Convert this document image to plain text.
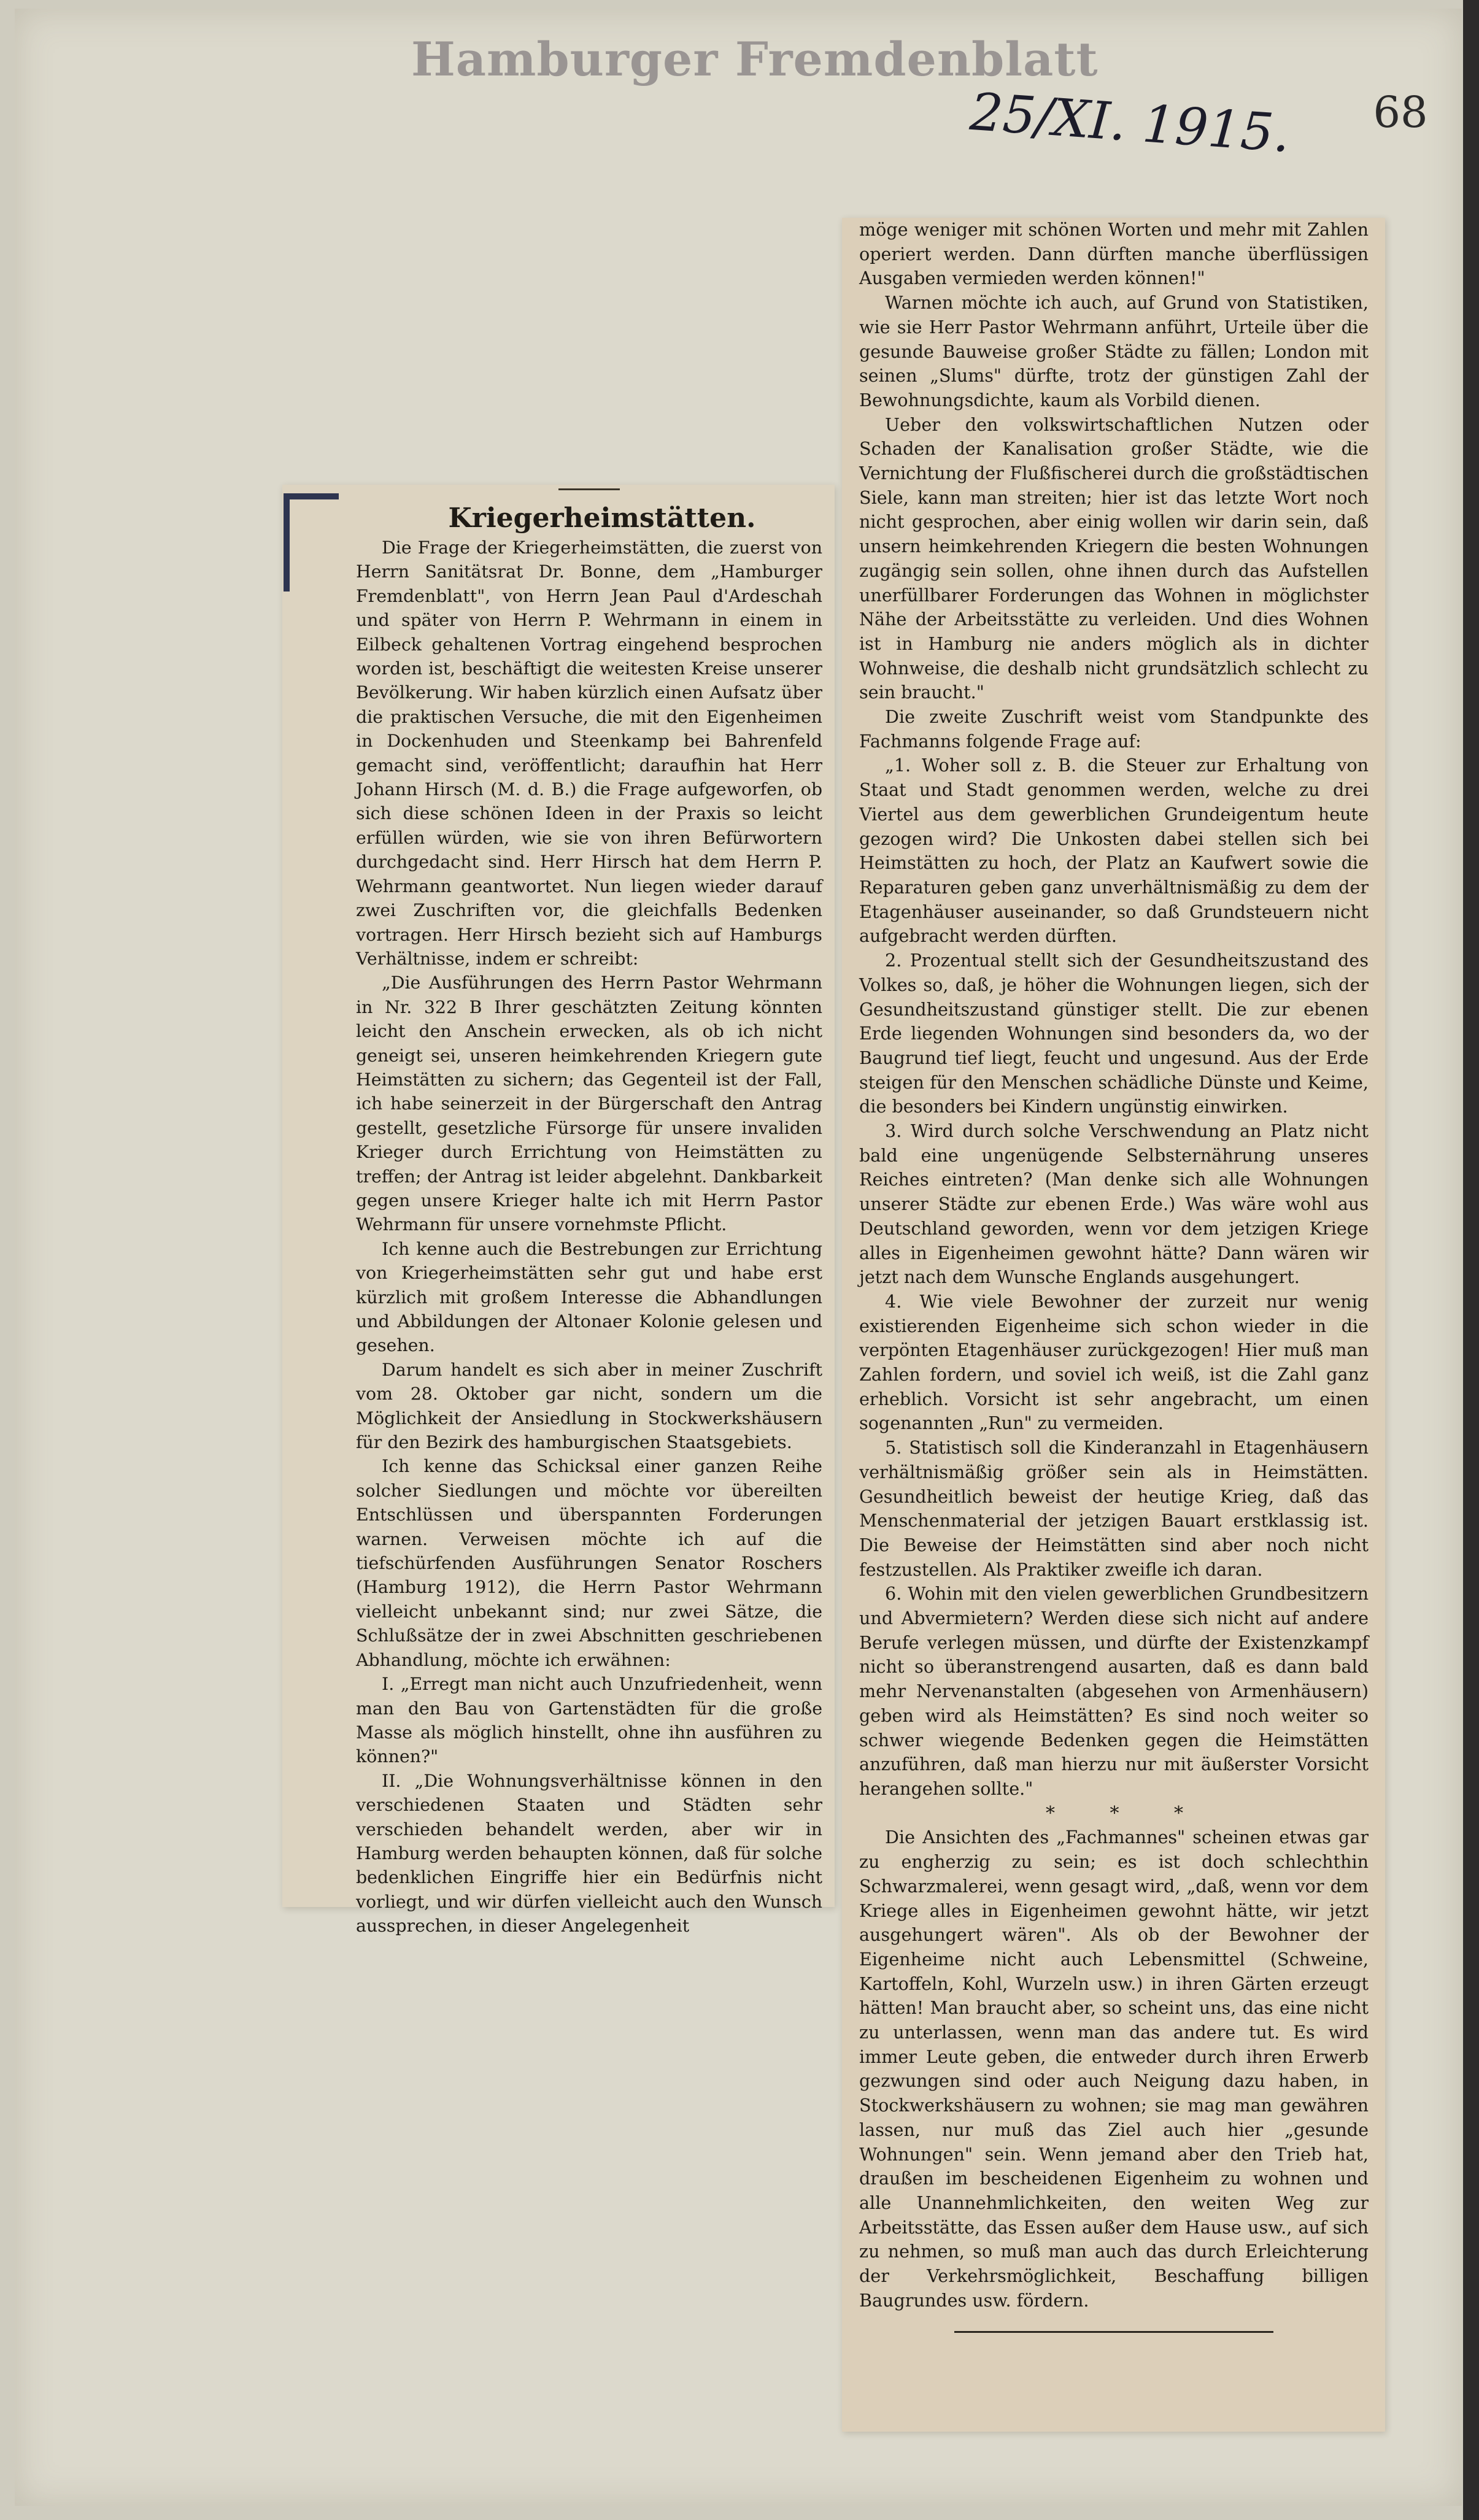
Hamburger Fremdenblatt
25/XI. 1915. 68

Kriegerheimstätten.

Die Frage der Kriegerheimstätten, die zuerst von Herrn Sanitätsrat Dr. Bonne, dem „Hamburger Fremdenblatt", von Herrn Jean Paul d'Ardeschah und später von Herrn P. Wehrmann in einem in Eilbeck gehaltenen Vortrag eingehend besprochen worden ist, beschäftigt die weitesten Kreise unserer Bevölkerung. Wir haben kürzlich einen Aufsatz über die praktischen Versuche, die mit den Eigenheimen in Dockenhuden und Steenkamp bei Bahrenfeld gemacht sind, veröffentlicht; daraufhin hat Herr Johann Hirsch (M. d. B.) die Frage aufgeworfen, ob sich diese schönen Ideen in der Praxis so leicht erfüllen würden, wie sie von ihren Befürwortern durchgedacht sind. Herr Hirsch hat dem Herrn P. Wehrmann geantwortet. Nun liegen wieder darauf zwei Zuschriften vor, die gleichfalls Bedenken vortragen. Herr Hirsch bezieht sich auf Hamburgs Verhältnisse, indem er schreibt:

„Die Ausführungen des Herrn Pastor Wehrmann in Nr. 322 B Ihrer geschätzten Zeitung könnten leicht den Anschein erwecken, als ob ich nicht geneigt sei, unseren heimkehrenden Kriegern gute Heimstätten zu sichern; das Gegenteil ist der Fall, ich habe seinerzeit in der Bürgerschaft den Antrag gestellt, gesetzliche Fürsorge für unsere invaliden Krieger durch Errichtung von Heimstätten zu treffen; der Antrag ist leider abgelehnt. Dankbarkeit gegen unsere Krieger halte ich mit Herrn Pastor Wehrmann für unsere vornehmste Pflicht.

Ich kenne auch die Bestrebungen zur Errichtung von Kriegerheimstätten sehr gut und habe erst kürzlich mit großem Interesse die Abhandlungen und Abbildungen der Altonaer Kolonie gelesen und gesehen.

Darum handelt es sich aber in meiner Zuschrift vom 28. Oktober gar nicht, sondern um die Möglichkeit der Ansiedlung in Stockwerkshäusern für den Bezirk des hamburgischen Staatsgebiets.

Ich kenne das Schicksal einer ganzen Reihe solcher Siedlungen und möchte vor übereilten Entschlüssen und überspannten Forderungen warnen. Verweisen möchte ich auf die tiefschürfenden Ausführungen Senator Roschers (Hamburg 1912), die Herrn Pastor Wehrmann vielleicht unbekannt sind; nur zwei Sätze, die Schlußsätze der in zwei Abschnitten geschriebenen Abhandlung, möchte ich erwähnen:

I. „Erregt man nicht auch Unzufriedenheit, wenn man den Bau von Gartenstädten für die große Masse als möglich hinstellt, ohne ihn ausführen zu können?"

II. „Die Wohnungsverhältnisse können in den verschiedenen Staaten und Städten sehr verschieden behandelt werden, aber wir in Hamburg werden behaupten können, daß für solche bedenklichen Eingriffe hier ein Bedürfnis nicht vorliegt, und wir dürfen vielleicht auch den Wunsch aussprechen, in dieser Angelegenheit

möge weniger mit schönen Worten und mehr mit Zahlen operiert werden. Dann dürften manche überflüssigen Ausgaben vermieden werden können!"

Warnen möchte ich auch, auf Grund von Statistiken, wie sie Herr Pastor Wehrmann anführt, Urteile über die gesunde Bauweise großer Städte zu fällen; London mit seinen „Slums" dürfte, trotz der günstigen Zahl der Bewohnungsdichte, kaum als Vorbild dienen.

Ueber den volkswirtschaftlichen Nutzen oder Schaden der Kanalisation großer Städte, wie die Vernichtung der Flußfischerei durch die großstädtischen Siele, kann man streiten; hier ist das letzte Wort noch nicht gesprochen, aber einig wollen wir darin sein, daß unsern heimkehrenden Kriegern die besten Wohnungen zugängig sein sollen, ohne ihnen durch das Aufstellen unerfüllbarer Forderungen das Wohnen in möglichster Nähe der Arbeitsstätte zu verleiden. Und dies Wohnen ist in Hamburg nie anders möglich als in dichter Wohnweise, die deshalb nicht grundsätzlich schlecht zu sein braucht."

Die zweite Zuschrift weist vom Standpunkte des Fachmanns folgende Frage auf:

„1. Woher soll z. B. die Steuer zur Erhaltung von Staat und Stadt genommen werden, welche zu drei Viertel aus dem gewerblichen Grundeigentum heute gezogen wird? Die Unkosten dabei stellen sich bei Heimstätten zu hoch, der Platz an Kaufwert sowie die Reparaturen geben ganz unverhältnismäßig zu dem der Etagenhäuser auseinander, so daß Grundsteuern nicht aufgebracht werden dürften.

2. Prozentual stellt sich der Gesundheitszustand des Volkes so, daß, je höher die Wohnungen liegen, sich der Gesundheitszustand günstiger stellt. Die zur ebenen Erde liegenden Wohnungen sind besonders da, wo der Baugrund tief liegt, feucht und ungesund. Aus der Erde steigen für den Menschen schädliche Dünste und Keime, die besonders bei Kindern ungünstig einwirken.

3. Wird durch solche Verschwendung an Platz nicht bald eine ungenügende Selbsternährung unseres Reiches eintreten? (Man denke sich alle Wohnungen unserer Städte zur ebenen Erde.) Was wäre wohl aus Deutschland geworden, wenn vor dem jetzigen Kriege alles in Eigenheimen gewohnt hätte? Dann wären wir jetzt nach dem Wunsche Englands ausgehungert.

4. Wie viele Bewohner der zurzeit nur wenig existierenden Eigenheime sich schon wieder in die verpönten Etagenhäuser zurückgezogen! Hier muß man Zahlen fordern, und soviel ich weiß, ist die Zahl ganz erheblich. Vorsicht ist sehr angebracht, um einen sogenannten „Run" zu vermeiden.

5. Statistisch soll die Kinderanzahl in Etagenhäusern verhältnismäßig größer sein als in Heimstätten. Gesundheitlich beweist der heutige Krieg, daß das Menschenmaterial der jetzigen Bauart erstklassig ist. Die Beweise der Heimstätten sind aber noch nicht festzustellen. Als Praktiker zweifle ich daran.

6. Wohin mit den vielen gewerblichen Grundbesitzern und Abvermietern? Werden diese sich nicht auf andere Berufe verlegen müssen, und dürfte der Existenzkampf nicht so überanstrengend ausarten, daß es dann bald mehr Nervenanstalten (abgesehen von Armenhäusern) geben wird als Heimstätten? Es sind noch weiter so schwer wiegende Bedenken gegen die Heimstätten anzuführen, daß man hierzu nur mit äußerster Vorsicht herangehen sollte."

* * *

Die Ansichten des „Fachmannes" scheinen etwas gar zu engherzig zu sein; es ist doch schlechthin Schwarzmalerei, wenn gesagt wird, „daß, wenn vor dem Kriege alles in Eigenheimen gewohnt hätte, wir jetzt ausgehungert wären". Als ob der Bewohner der Eigenheime nicht auch Lebensmittel (Schweine, Kartoffeln, Kohl, Wurzeln usw.) in ihren Gärten erzeugt hätten! Man braucht aber, so scheint uns, das eine nicht zu unterlassen, wenn man das andere tut. Es wird immer Leute geben, die entweder durch ihren Erwerb gezwungen sind oder auch Neigung dazu haben, in Stockwerkshäusern zu wohnen; sie mag man gewähren lassen, nur muß das Ziel auch hier „gesunde Wohnungen" sein. Wenn jemand aber den Trieb hat, draußen im bescheidenen Eigenheim zu wohnen und alle Unannehmlichkeiten, den weiten Weg zur Arbeitsstätte, das Essen außer dem Hause usw., auf sich zu nehmen, so muß man auch das durch Erleichterung der Verkehrsmöglichkeit, Beschaffung billigen Baugrundes usw. fördern.
